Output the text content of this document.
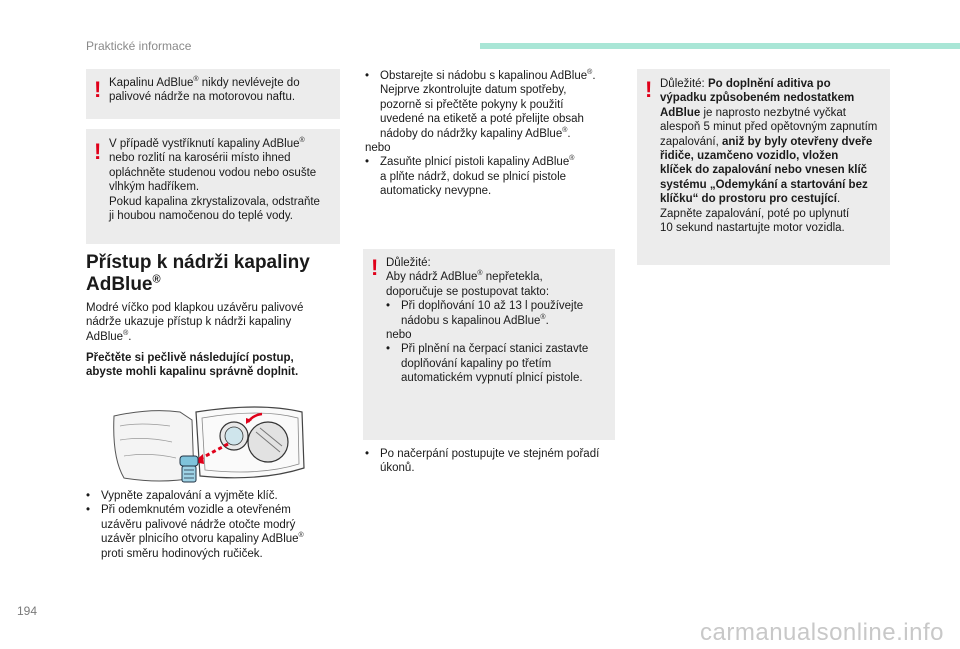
Praktické informace
! Kapalinu AdBlue® nikdy nevlévejte do
palivové nádrže na motorovou naftu.
! V případě vystříknutí kapaliny AdBlue®
nebo rozlití na karosérii místo ihned
opláchněte studenou vodou nebo osušte
vlhkým hadříkem.
Pokud kapalina zkrystalizovala, odstraňte
ji houbou namočenou do teplé vody.
Přístup k nádrži kapaliny
AdBlue®
Modré víčko pod klapkou uzávěru palivové
nádrže ukazuje přístup k nádrži kapaliny
AdBlue®.
Přečtěte si pečlivě následující postup,
abyste mohli kapalinu správně doplnit.
• Vypněte zapalování a vyjměte klíč.
• Při odemknutém vozidle a otevřeném
uzávěru palivové nádrže otočte modrý
uzávěr plnicího otvoru kapaliny AdBlue®
proti směru hodinových ručiček.
• Obstarejte si nádobu s kapalinou AdBlue®.
Nejprve zkontrolujte datum spotřeby,
pozorně si přečtěte pokyny k použití
uvedené na etiketě a poté přelijte obsah
nádoby do nádržky kapaliny AdBlue®.
nebo
• Zasuňte plnicí pistoli kapaliny AdBlue®
a plňte nádrž, dokud se plnicí pistole
automaticky nevypne.
! Důležité:
Aby nádrž AdBlue® nepřetekla,
doporučuje se postupovat takto:
• Při doplňování 10 až 13 l používejte
nádobu s kapalinou AdBlue®.
nebo
• Při plnění na čerpací stanici zastavte
doplňování kapaliny po třetím
automatickém vypnutí plnicí pistole.
• Po načerpání postupujte ve stejném pořadí
úkonů.
! Důležité: Po doplnění aditiva po
výpadku způsobeném nedostatkem
AdBlue je naprosto nezbytné vyčkat
alespoň 5 minut před opětovným zapnutím
zapalování, aniž by byly otevřeny dveře
řidiče, uzamčeno vozidlo, vložen
klíček do zapalování nebo vnesen klíč
systému „Odemykání a startování bez
klíčku“ do prostoru pro cestující.
Zapněte zapalování, poté po uplynutí
10 sekund nastartujte motor vozidla.
194
carmanualsonline.info
